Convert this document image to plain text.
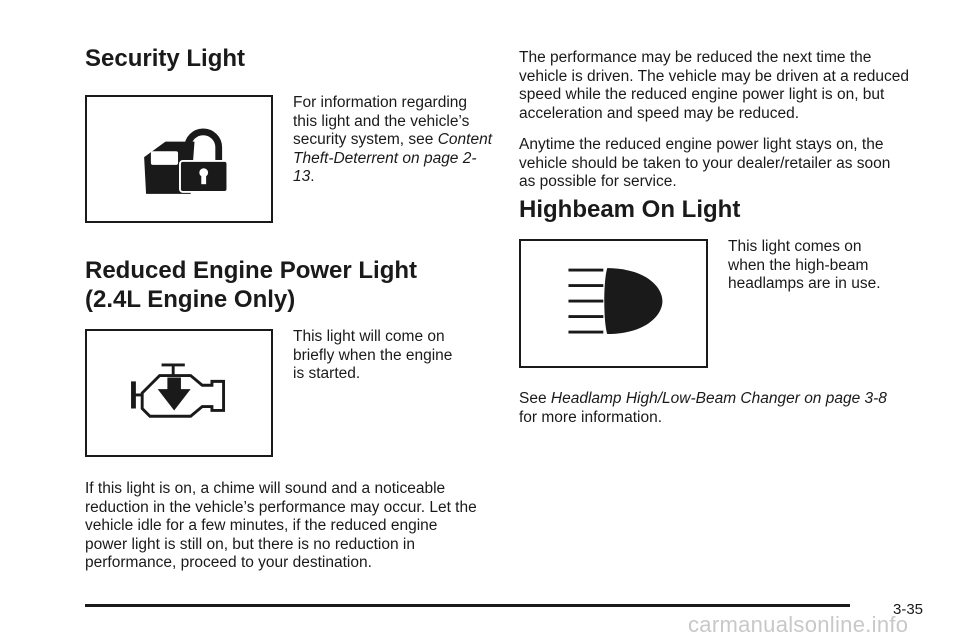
Security Light
For information regarding this light and the vehicle’s security system, see Content Theft-Deterrent on page 2-13.
Reduced Engine Power Light
(2.4L Engine Only)
This light will come on briefly when the engine is started.
If this light is on, a chime will sound and a noticeable reduction in the vehicle’s performance may occur. Let the vehicle idle for a few minutes, if the reduced engine power light is still on, but there is no reduction in performance, proceed to your destination.

The performance may be reduced the next time the vehicle is driven. The vehicle may be driven at a reduced speed while the reduced engine power light is on, but acceleration and speed may be reduced.

Anytime the reduced engine power light stays on, the vehicle should be taken to your dealer/retailer as soon as possible for service.

Highbeam On Light
This light comes on when the high-beam headlamps are in use.
See Headlamp High/Low-Beam Changer on page 3-8
for more information.
3-35
carmanualsonline.info
